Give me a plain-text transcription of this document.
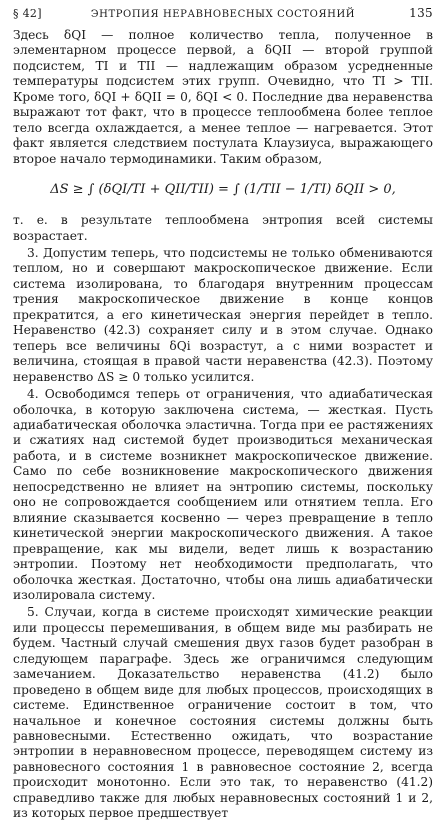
§ 42]	ЭНТРОПИЯ НЕРАВНОВЕСНЫХ СОСТОЯНИЙ	135

Здесь δQI — полное количество тепла, полученное в элементарном процессе первой, а δQII — второй группой подсистем, TI и TII — надлежащим образом усредненные температуры подсистем этих групп. Очевидно, что TI > TII. Кроме того, δQI + δQII = 0, δQI < 0. Последние два неравенства выражают тот факт, что в процессе теплообмена более теплое тело всегда охлаждается, а менее теплое — нагревается. Этот факт является следствием постулата Клаузиуса, выражающего второе начало термодинамики. Таким образом,

ΔS ≥ ∫ (δQI/TI + QII/TII) = ∫ (1/TII − 1/TI) δQII > 0,

т. е. в результате теплообмена энтропия всей системы возрастает.

3. Допустим теперь, что подсистемы не только обмениваются теплом, но и совершают макроскопическое движение. Если система изолирована, то благодаря внутренним процессам трения макроскопическое движение в конце концов прекратится, а его кинетическая энергия перейдет в тепло. Неравенство (42.3) сохраняет силу и в этом случае. Однако теперь все величины δQi возрастут, а с ними возрастет и величина, стоящая в правой части неравенства (42.3). Поэтому неравенство ΔS ≥ 0 только усилится.

4. Освободимся теперь от ограничения, что адиабатическая оболочка, в которую заключена система, — жесткая. Пусть адиабатическая оболочка эластична. Тогда при ее растяжениях и сжатиях над системой будет производиться механическая работа, и в системе возникнет макроскопическое движение. Само по себе возникновение макроскопического движения непосредственно не влияет на энтропию системы, поскольку оно не сопровождается сообщением или отнятием тепла. Его влияние сказывается косвенно — через превращение в тепло кинетической энергии макроскопического движения. А такое превращение, как мы видели, ведет лишь к возрастанию энтропии. Поэтому нет необходимости предполагать, что оболочка жесткая. Достаточно, чтобы она лишь адиабатически изолировала систему.

5. Случаи, когда в системе происходят химические реакции или процессы перемешивания, в общем виде мы разбирать не будем. Частный случай смешения двух газов будет разобран в следующем параграфе. Здесь же ограничимся следующим замечанием. Доказательство неравенства (41.2) было проведено в общем виде для любых процессов, происходящих в системе. Единственное ограничение состоит в том, что начальное и конечное состояния системы должны быть равновесными. Естественно ожидать, что возрастание энтропии в неравновесном процессе, переводящем систему из равновесного состояния 1 в равновесное состояние 2, всегда происходит монотонно. Если это так, то неравенство (41.2) справедливо также для любых неравновесных состояний 1 и 2, из которых первое предшествует
